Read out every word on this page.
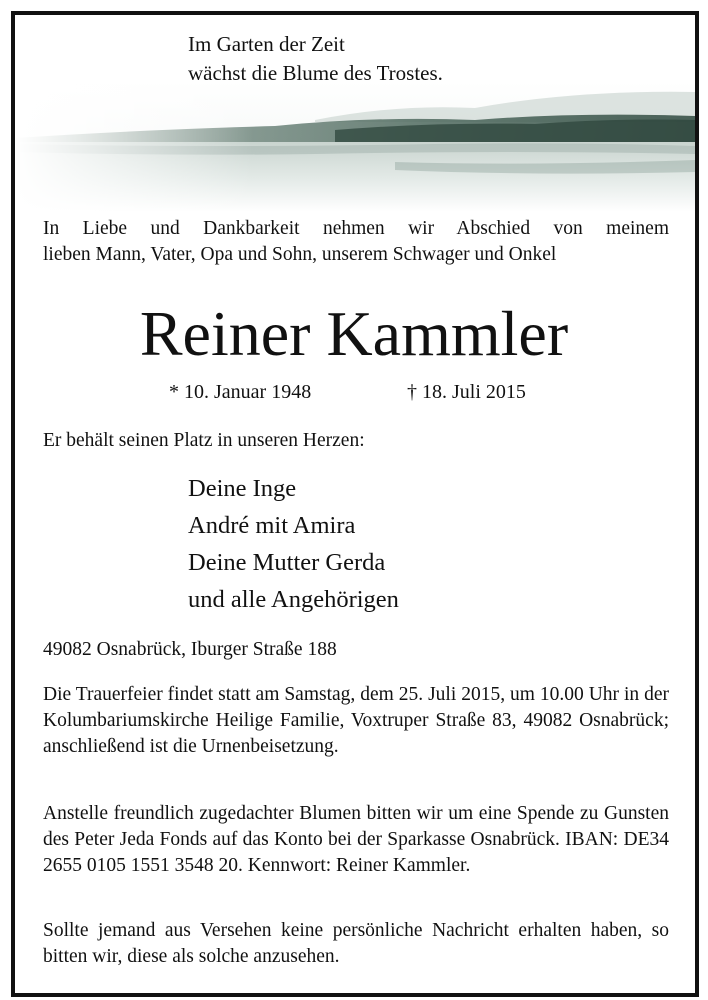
Im Garten der Zeit
wächst die Blume des Trostes.
In Liebe und Dankbarkeit nehmen wir Abschied von meinem
lieben Mann, Vater, Opa und Sohn, unserem Schwager und Onkel
Reiner Kammler
* 10. Januar 1948	† 18. Juli 2015
Er behält seinen Platz in unseren Herzen:
Deine Inge
André mit Amira
Deine Mutter Gerda
und alle Angehörigen
49082 Osnabrück, Iburger Straße 188
Die Trauerfeier findet statt am Samstag, dem 25. Juli 2015, um 10.00 Uhr in der Kolumbariumskirche Heilige Familie, Voxtruper Straße 83, 49082 Osnabrück; anschließend ist die Urnenbeisetzung.
Anstelle freundlich zugedachter Blumen bitten wir um eine Spende zu Gunsten des Peter Jeda Fonds auf das Konto bei der Sparkasse Osnabrück. IBAN: DE34 2655 0105 1551 3548 20. Kennwort: Reiner Kammler.
Sollte jemand aus Versehen keine persönliche Nachricht erhalten haben, so bitten wir, diese als solche anzusehen.
